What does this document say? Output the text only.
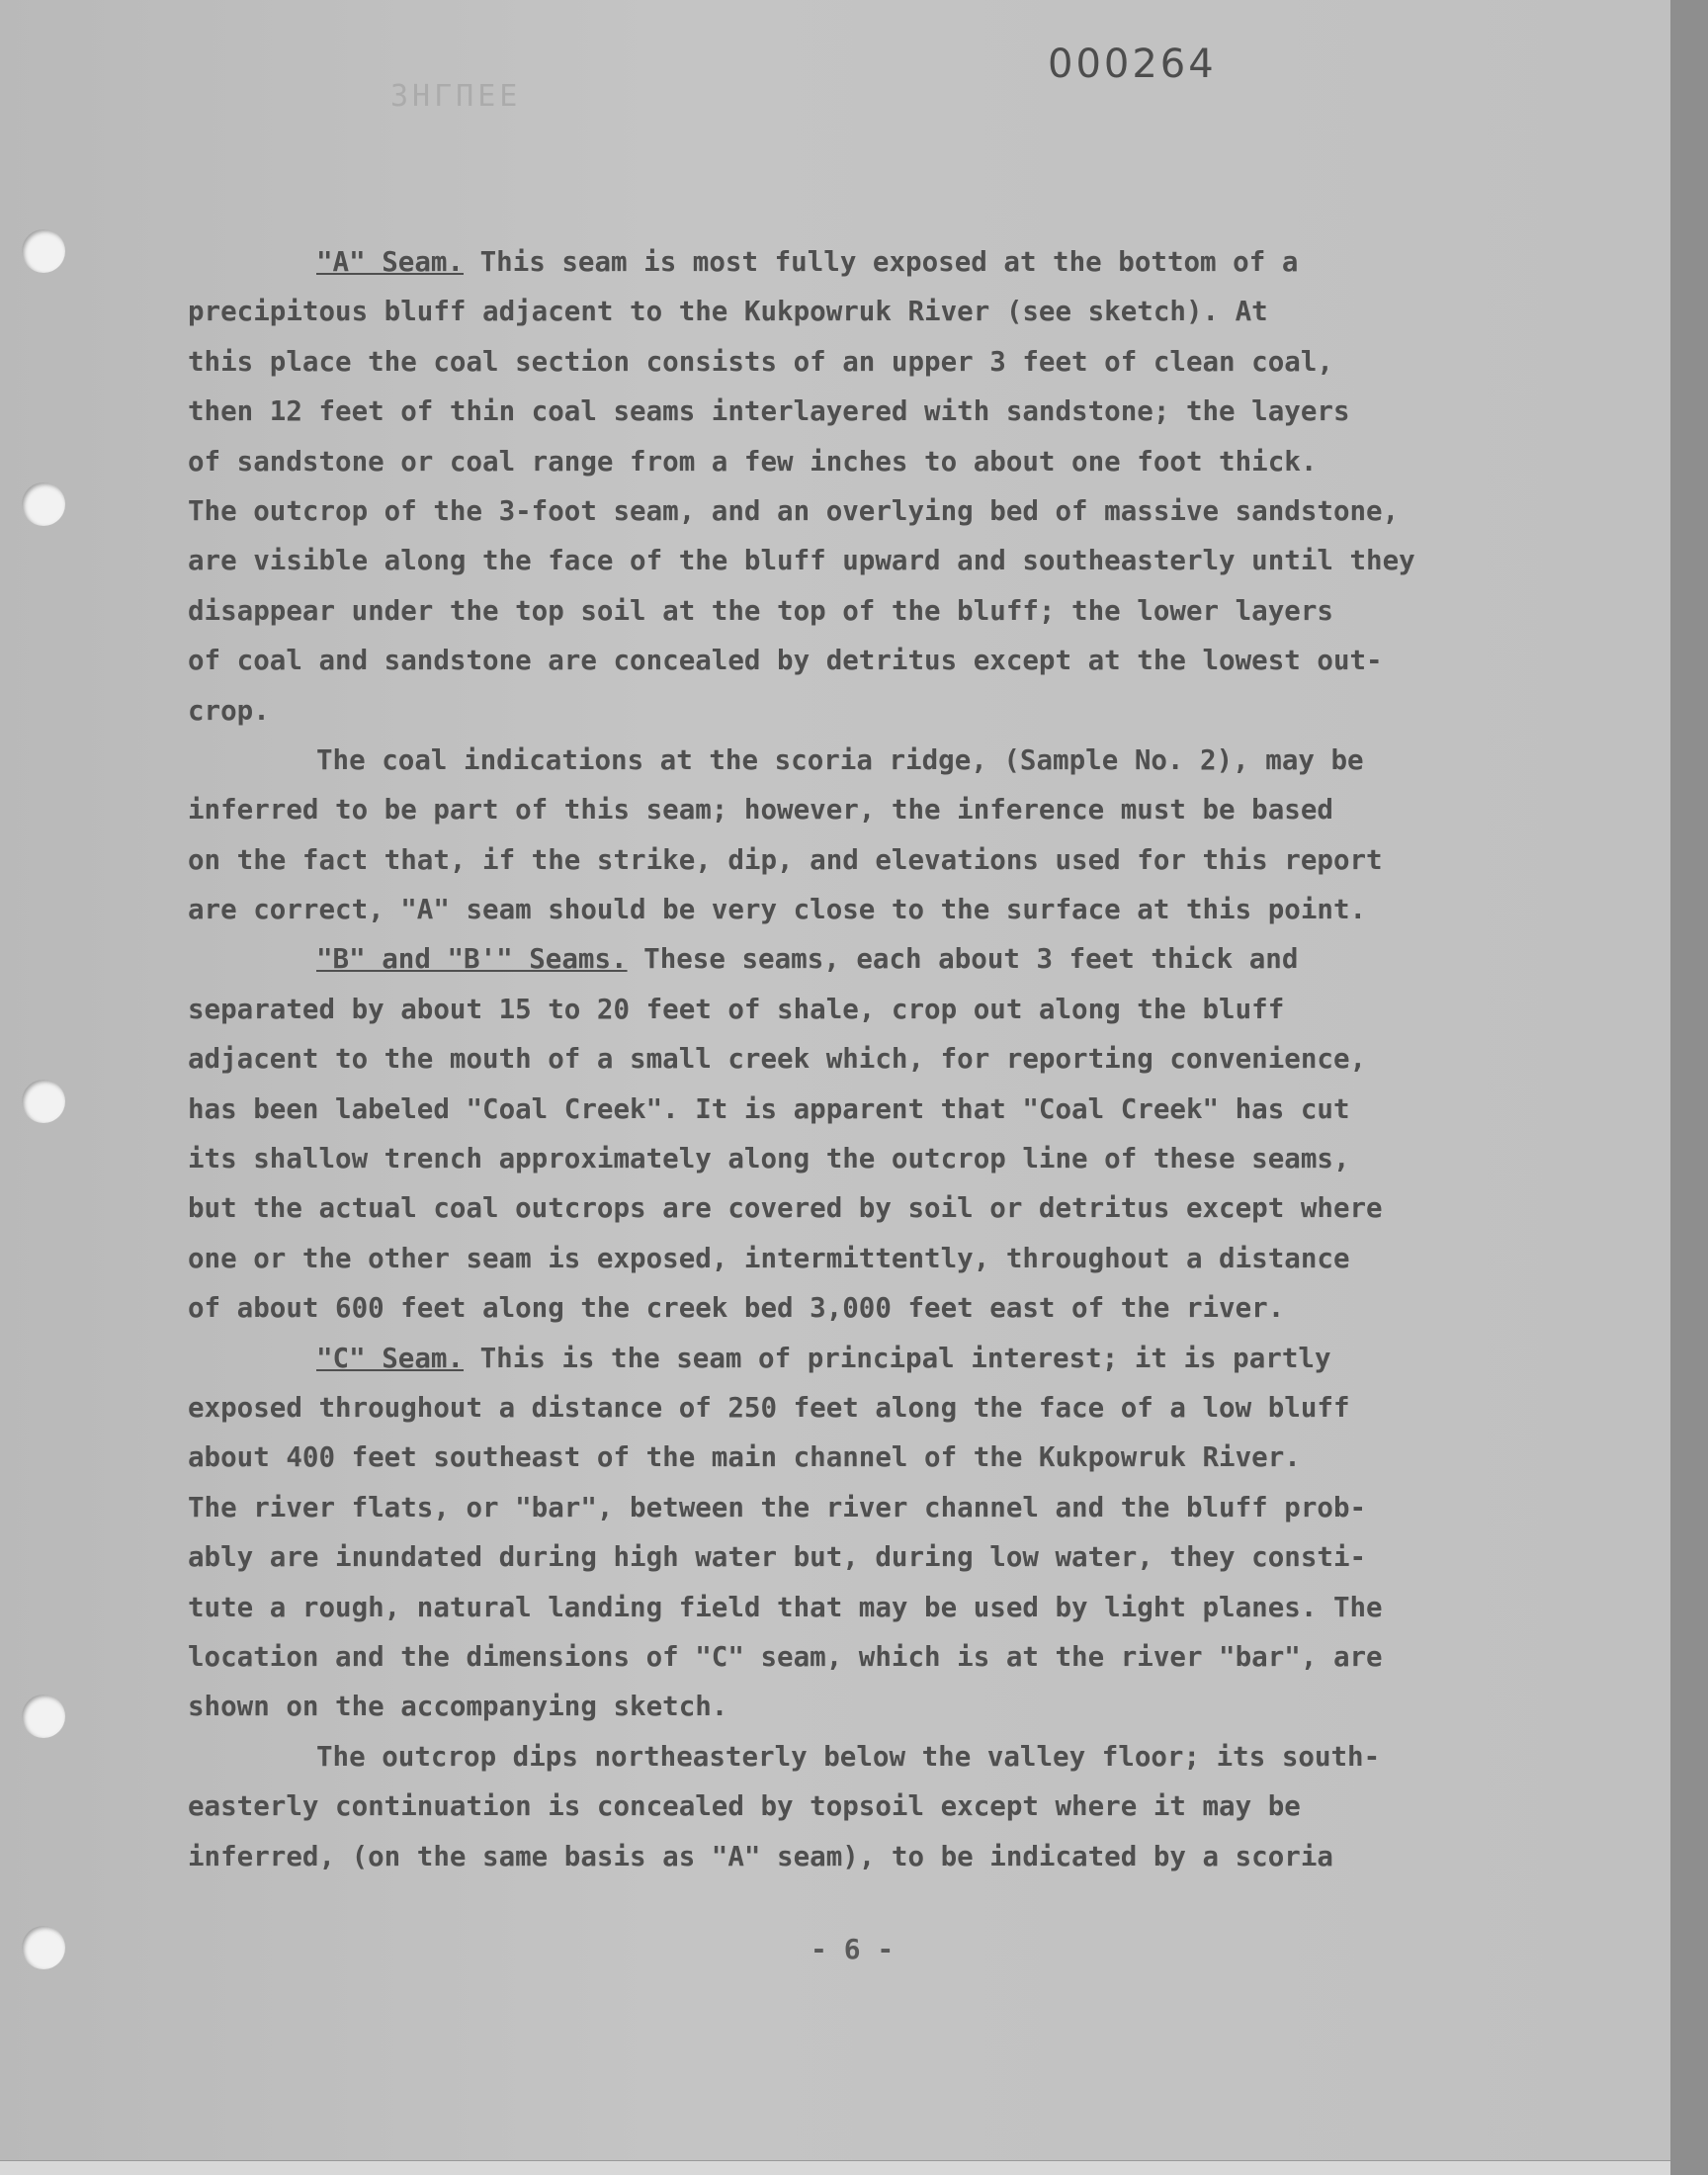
000264
ЗНГПЕЕ
"A" Seam. This seam is most fully exposed at the bottom of a
precipitous bluff adjacent to the Kukpowruk River (see sketch). At
this place the coal section consists of an upper 3 feet of clean coal,
then 12 feet of thin coal seams interlayered with sandstone; the layers
of sandstone or coal range from a few inches to about one foot thick.
The outcrop of the 3-foot seam, and an overlying bed of massive sandstone,
are visible along the face of the bluff upward and southeasterly until they
disappear under the top soil at the top of the bluff; the lower layers
of coal and sandstone are concealed by detritus except at the lowest out-
crop.
The coal indications at the scoria ridge, (Sample No. 2), may be
inferred to be part of this seam; however, the inference must be based
on the fact that, if the strike, dip, and elevations used for this report
are correct, "A" seam should be very close to the surface at this point.
"B" and "B'" Seams. These seams, each about 3 feet thick and
separated by about 15 to 20 feet of shale, crop out along the bluff
adjacent to the mouth of a small creek which, for reporting convenience,
has been labeled "Coal Creek". It is apparent that "Coal Creek" has cut
its shallow trench approximately along the outcrop line of these seams,
but the actual coal outcrops are covered by soil or detritus except where
one or the other seam is exposed, intermittently, throughout a distance
of about 600 feet along the creek bed 3,000 feet east of the river.
"C" Seam. This is the seam of principal interest; it is partly
exposed throughout a distance of 250 feet along the face of a low bluff
about 400 feet southeast of the main channel of the Kukpowruk River.
The river flats, or "bar", between the river channel and the bluff prob-
ably are inundated during high water but, during low water, they consti-
tute a rough, natural landing field that may be used by light planes. The
location and the dimensions of "C" seam, which is at the river "bar", are
shown on the accompanying sketch.
The outcrop dips northeasterly below the valley floor; its south-
easterly continuation is concealed by topsoil except where it may be
inferred, (on the same basis as "A" seam), to be indicated by a scoria
- 6 -
